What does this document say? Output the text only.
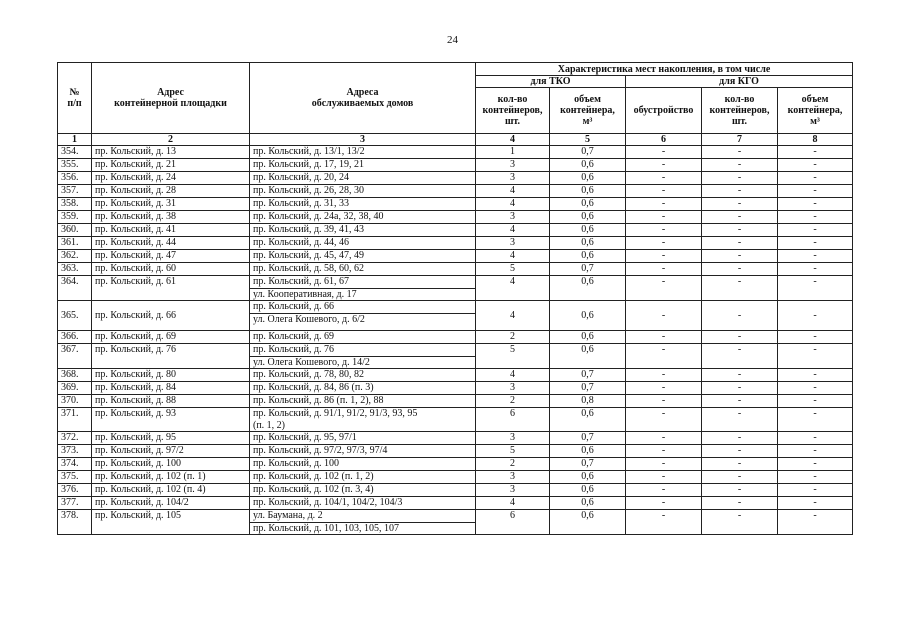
24
№
п/п	Адрес
контейнерной площадки	Адреса
обслуживаемых домов	Характеристика мест накопления, в том числе				
			для ТКО		для КГО		
			кол-во
контейнеров,
шт.	объем
контейнера,
м³	обустройство	кол-во
контейнеров,
шт.	объем
контейнера,
м³
1	2	3	4	5	6	7	8
354.	пр. Кольский, д. 13	пр. Кольский, д. 13/1, 13/2	1	0,7	-	-	-
355.	пр. Кольский, д. 21	пр. Кольский, д. 17, 19, 21	3	0,6	-	-	-
356.	пр. Кольский, д. 24	пр. Кольский, д. 20, 24	3	0,6	-	-	-
357.	пр. Кольский, д. 28	пр. Кольский, д. 26, 28, 30	4	0,6	-	-	-
358.	пр. Кольский, д. 31	пр. Кольский, д. 31, 33	4	0,6	-	-	-
359.	пр. Кольский, д. 38	пр. Кольский, д. 24а, 32, 38, 40	3	0,6	-	-	-
360.	пр. Кольский, д. 41	пр. Кольский, д. 39, 41, 43	4	0,6	-	-	-
361.	пр. Кольский, д. 44	пр. Кольский, д. 44, 46	3	0,6	-	-	-
362.	пр. Кольский, д. 47	пр. Кольский, д. 45, 47, 49	4	0,6	-	-	-
363.	пр. Кольский, д. 60	пр. Кольский, д. 58, 60, 62	5	0,7	-	-	-
364.	пр. Кольский, д. 61	пр. Кольский, д. 61, 67
ул. Кооперативная, д. 17	4	0,6	-	-	-
365.	пр. Кольский, д. 66	пр. Кольский, д. 66
ул. Олега Кошевого, д. 6/2	4	0,6	-	-	-
366.	пр. Кольский, д. 69	пр. Кольский, д. 69	2	0,6	-	-	-
367.	пр. Кольский, д. 76	пр. Кольский, д. 76
ул. Олега Кошевого, д. 14/2	5	0,6	-	-	-
368.	пр. Кольский, д. 80	пр. Кольский, д. 78, 80, 82	4	0,7	-	-	-
369.	пр. Кольский, д. 84	пр. Кольский, д. 84, 86 (п. 3)	3	0,7	-	-	-
370.	пр. Кольский, д. 88	пр. Кольский, д. 86 (п. 1, 2), 88	2	0,8	-	-	-
371.	пр. Кольский, д. 93	пр. Кольский, д. 91/1, 91/2, 91/3, 93, 95
(п. 1, 2)	6	0,6	-	-	-
372.	пр. Кольский, д. 95	пр. Кольский, д. 95, 97/1	3	0,7	-	-	-
373.	пр. Кольский, д. 97/2	пр. Кольский, д. 97/2, 97/3, 97/4	5	0,6	-	-	-
374.	пр. Кольский, д. 100	пр. Кольский, д. 100	2	0,7	-	-	-
375.	пр. Кольский, д. 102 (п. 1)	пр. Кольский, д. 102 (п. 1, 2)	3	0,6	-	-	-
376.	пр. Кольский, д. 102 (п. 4)	пр. Кольский, д. 102 (п. 3, 4)	3	0,6	-	-	-
377.	пр. Кольский, д. 104/2	пр. Кольский, д. 104/1, 104/2, 104/3	4	0,6	-	-	-
378.	пр. Кольский, д. 105	ул. Баумана, д. 2
пр. Кольский, д. 101, 103, 105, 107	6	0,6	-	-	-
